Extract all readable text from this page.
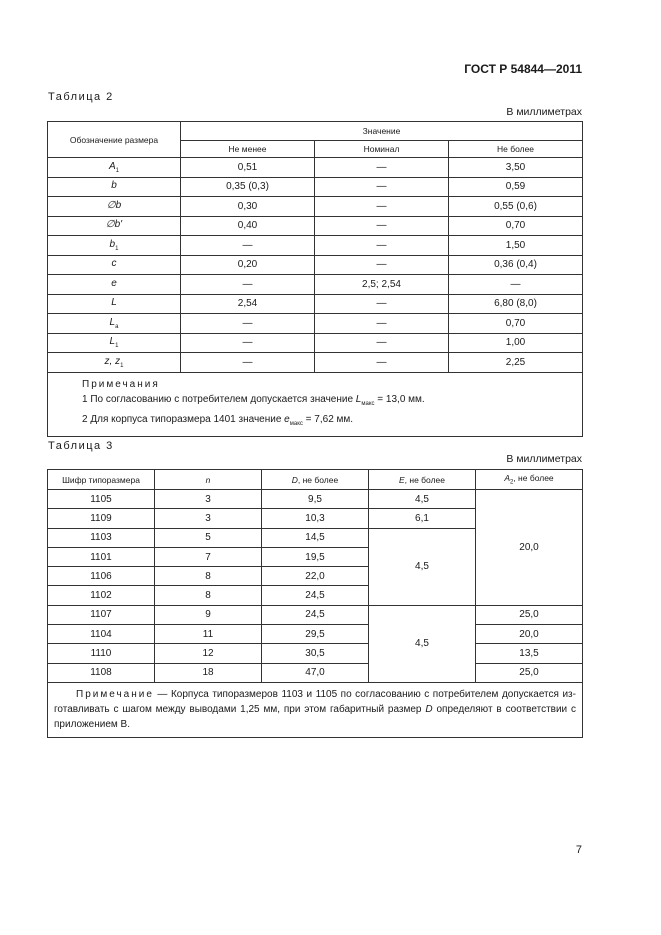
ГОСТ Р 54844—2011
Таблица 2
В миллиметрах
Обозначение размера	Значение		
	Не менее	Номинал	Не более
$A_1$	0,51	—	3,50
b	0,35 (0,3)	—	0,59
∅b	0,30	—	0,55 (0,6)
∅b'	0,40	—	0,70
$b_1$	—	—	1,50
c	0,20	—	0,36 (0,4)
e	—	2,5; 2,54	—
L	2,54	—	6,80 (8,0)
$L_a$	—	—	0,70
$L_1$	—	—	1,00
z, $z_1$	—	—	2,25

Примечания
1 По согласованию с потребителем допускается значение $L_{макс} = 13,0$ мм.
2 Для корпуса типоразмера 1401 значение $e_{макс} = 7,62$ мм.			
Таблица 3
В миллиметрах
Шифр типоразмера	n	D, не более	E, не более	$A_2$, не более
1105	3	9,5	4,5	20,0
1109	3	10,3	6,1	
1103	5	14,5	4,5	
1101	7	19,5		
1106	8	22,0		
1102	8	24,5		
1107	9	24,5	4,5	25,0
1104	11	29,5		20,0
1110	12	30,5		13,5
1108	18	47,0		25,0
Примечание — Корпуса типоразмеров 1103 и 1105 по согласованию с потребителем допускается изготавливать с шагом между выводами 1,25 мм, при этом габаритный размер D определяют в соответствии с приложением В.				
7
